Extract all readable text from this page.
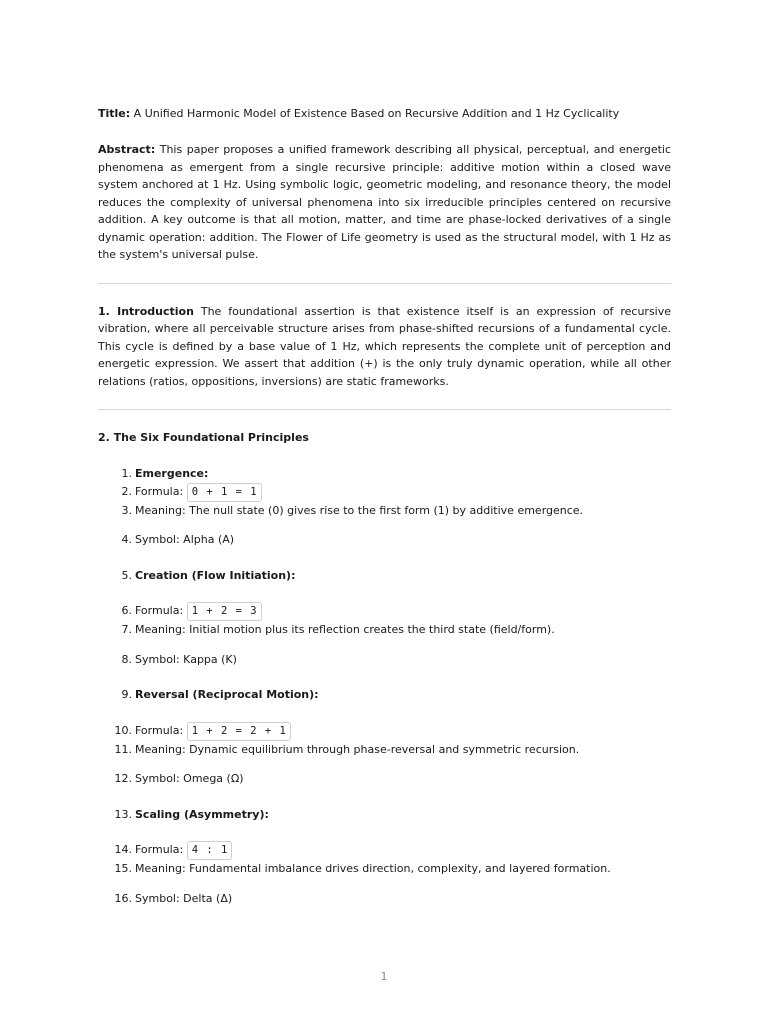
Title: A Unified Harmonic Model of Existence Based on Recursive Addition and 1 Hz Cyclicality

Abstract: This paper proposes a unified framework describing all physical, perceptual, and energetic phenomena as emergent from a single recursive principle: additive motion within a closed wave system anchored at 1 Hz. Using symbolic logic, geometric modeling, and resonance theory, the model reduces the complexity of universal phenomena into six irreducible principles centered on recursive addition. A key outcome is that all motion, matter, and time are phase-locked derivatives of a single dynamic operation: addition. The Flower of Life geometry is used as the structural model, with 1 Hz as the system's universal pulse.

1. Introduction The foundational assertion is that existence itself is an expression of recursive vibration, where all perceivable structure arises from phase-shifted recursions of a fundamental cycle. This cycle is defined by a base value of 1 Hz, which represents the complete unit of perception and energetic expression. We assert that addition (+) is the only truly dynamic operation, while all other relations (ratios, oppositions, inversions) are static frameworks.

2. The Six Foundational Principles

1. Emergence:
2. Formula: 0 + 1 = 1
3. Meaning: The null state (0) gives rise to the first form (1) by additive emergence.
4. Symbol: Alpha (A)
5. Creation (Flow Initiation):
6. Formula: 1 + 2 = 3
7. Meaning: Initial motion plus its reflection creates the third state (field/form).
8. Symbol: Kappa (K)
9. Reversal (Reciprocal Motion):
10. Formula: 1 + 2 = 2 + 1
11. Meaning: Dynamic equilibrium through phase-reversal and symmetric recursion.
12. Symbol: Omega (Ω)
13. Scaling (Asymmetry):
14. Formula: 4 : 1
15. Meaning: Fundamental imbalance drives direction, complexity, and layered formation.
16. Symbol: Delta (Δ)
1
